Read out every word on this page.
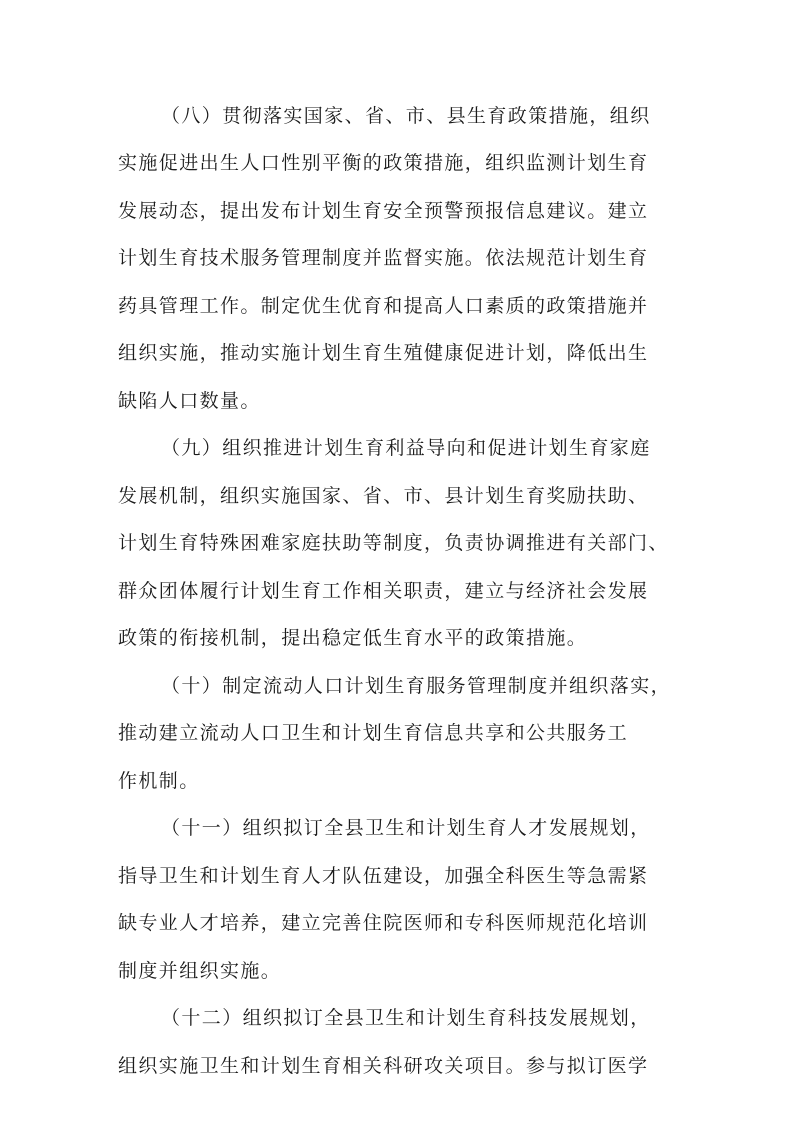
（八）贯彻落实国家、省、市、县生育政策措施，组织
实施促进出生人口性别平衡的政策措施，组织监测计划生育
发展动态，提出发布计划生育安全预警预报信息建议。建立
计划生育技术服务管理制度并监督实施。依法规范计划生育
药具管理工作。制定优生优育和提高人口素质的政策措施并
组织实施，推动实施计划生育生殖健康促进计划，降低出生
缺陷人口数量。
（九）组织推进计划生育利益导向和促进计划生育家庭
发展机制，组织实施国家、省、市、县计划生育奖励扶助、
计划生育特殊困难家庭扶助等制度，负责协调推进有关部门、
群众团体履行计划生育工作相关职责，建立与经济社会发展
政策的衔接机制，提出稳定低生育水平的政策措施。
（十）制定流动人口计划生育服务管理制度并组织落实，
推动建立流动人口卫生和计划生育信息共享和公共服务工
作机制。
（十一）组织拟订全县卫生和计划生育人才发展规划，
指导卫生和计划生育人才队伍建设，加强全科医生等急需紧
缺专业人才培养，建立完善住院医师和专科医师规范化培训
制度并组织实施。
（十二）组织拟订全县卫生和计划生育科技发展规划，
组织实施卫生和计划生育相关科研攻关项目。参与拟订医学
